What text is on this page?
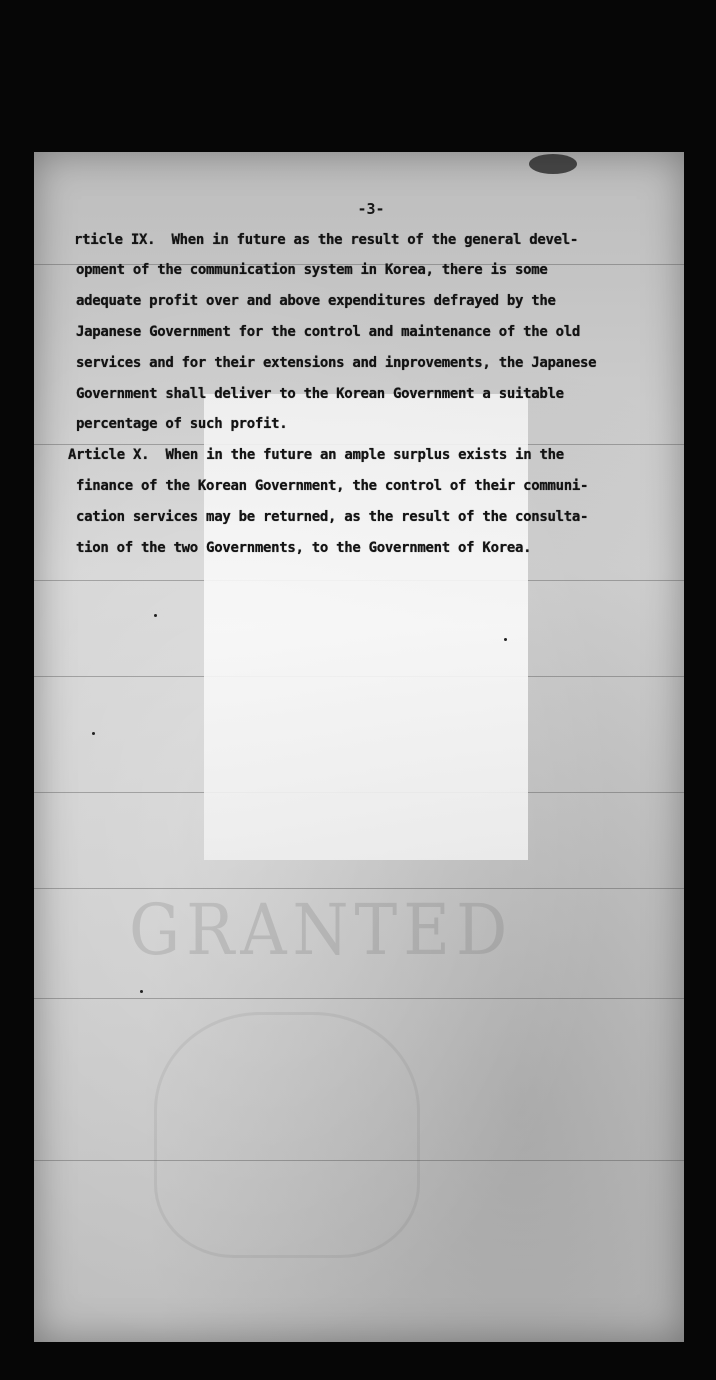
GRANTED
-3-
rticle IX.  When in future as the result of the general devel-
opment of the communication system in Korea, there is some
adequate profit over and above expenditures defrayed by the
Japanese Government for the control and maintenance of the old
services and for their extensions and inprovements, the Japanese
Government shall deliver to the Korean Government a suitable
percentage of such profit.
Article X.  When in the future an ample surplus exists in the
finance of the Korean Government, the control of their communi-
cation services may be returned, as the result of the consulta-
tion of the two Governments, to the Government of Korea.
